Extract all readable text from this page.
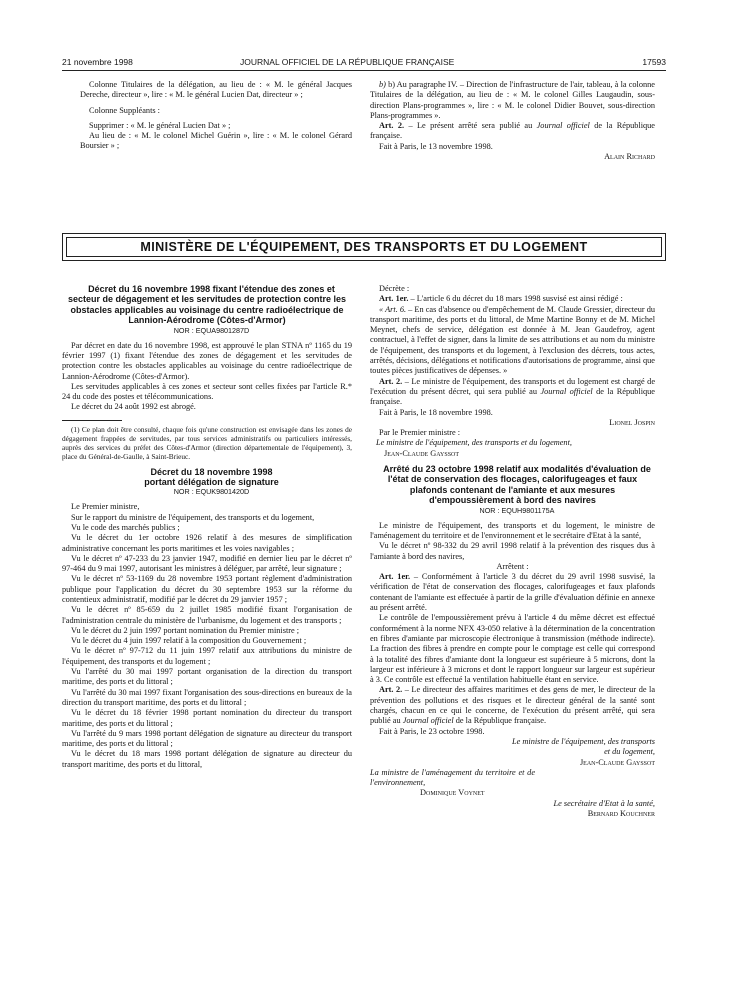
21 novembre 1998	JOURNAL OFFICIEL DE LA RÉPUBLIQUE FRANÇAISE	17593

Colonne Titulaires de la délégation, au lieu de : « M. le général Jacques Dereche, directeur », lire : « M. le général Lucien Dat, directeur » ;

Colonne Suppléants :

Supprimer : « M. le général Lucien Dat » ;

Au lieu de : « M. le colonel Michel Guérin », lire : « M. le colonel Gérard Boursier » ;

b) b) Au paragraphe IV. – Direction de l'infrastructure de l'air, tableau, à la colonne Titulaires de la délégation, au lieu de : « M. le colonel Gilles Laugaudin, sous-direction Plans-programmes », lire : « M. le colonel Didier Bouvet, sous-direction Plans-programmes ».

Art. 2. – Le présent arrêté sera publié au Journal officiel de la République française.

Fait à Paris, le 13 novembre 1998.

Alain Richard

MINISTÈRE DE L'ÉQUIPEMENT, DES TRANSPORTS ET DU LOGEMENT

Décret du 16 novembre 1998 fixant l'étendue des zones et secteur de dégagement et les servitudes de protection contre les obstacles applicables au voisinage du centre radioélectrique de Lannion-Aérodrome (Côtes-d'Armor)

NOR : EQUA9801287D

Par décret en date du 16 novembre 1998, est approuvé le plan STNA nº 1165 du 19 février 1997 (1) fixant l'étendue des zones de dégagement et les servitudes de protection contre les obstacles applicables au voisinage du centre radioélectrique de Lannion-Aérodrome (Côtes-d'Armor).

Les servitudes applicables à ces zones et secteur sont celles fixées par l'article R.* 24 du code des postes et télécommunications.

Le décret du 24 août 1992 est abrogé.

(1) Ce plan doit être consulté, chaque fois qu'une construction est envisagée dans les zones de dégagement frappées de servitudes, par tous services administratifs ou particuliers intéressés, auprès des services du préfet des Côtes-d'Armor (direction départementale de l'équipement), 3, place du Général-de-Gaulle, à Saint-Brieuc.

Décret du 18 novembre 1998

portant délégation de signature

NOR : EQUK9801420D

Le Premier ministre,

Sur le rapport du ministre de l'équipement, des transports et du logement,

Vu le code des marchés publics ;

Vu le décret du 1er octobre 1926 relatif à des mesures de simplification administrative concernant les ports maritimes et les voies navigables ;

Vu le décret nº 47-233 du 23 janvier 1947, modifié en dernier lieu par le décret nº 97-464 du 9 mai 1997, autorisant les ministres à déléguer, par arrêté, leur signature ;

Vu le décret nº 53-1169 du 28 novembre 1953 portant règlement d'administration publique pour l'application du décret du 30 septembre 1953 sur la réforme du contentieux administratif, modifié par le décret du 29 janvier 1957 ;

Vu le décret nº 85-659 du 2 juillet 1985 modifié fixant l'organisation de l'administration centrale du ministère de l'urbanisme, du logement et des transports ;

Vu le décret du 2 juin 1997 portant nomination du Premier ministre ;

Vu le décret du 4 juin 1997 relatif à la composition du Gouvernement ;

Vu le décret nº 97-712 du 11 juin 1997 relatif aux attributions du ministre de l'équipement, des transports et du logement ;

Vu l'arrêté du 30 mai 1997 portant organisation de la direction du transport maritime, des ports et du littoral ;

Vu l'arrêté du 30 mai 1997 fixant l'organisation des sous-directions en bureaux de la direction du transport maritime, des ports et du littoral ;

Vu le décret du 18 février 1998 portant nomination du directeur du transport maritime, des ports et du littoral ;

Vu l'arrêté du 9 mars 1998 portant délégation de signature au directeur du transport maritime, des ports et du littoral ;

Vu le décret du 18 mars 1998 portant délégation de signature au directeur du transport maritime, des ports et du littoral,

Décrète :

Art. 1er. – L'article 6 du décret du 18 mars 1998 susvisé est ainsi rédigé :

« Art. 6. – En cas d'absence ou d'empêchement de M. Claude Gressier, directeur du transport maritime, des ports et du littoral, de Mme Martine Bonny et de M. Michel Meynet, chefs de service, délégation est donnée à M. Jean Gaudefroy, agent contractuel, à l'effet de signer, dans la limite de ses attributions et au nom du ministre de l'équipement, des transports et du logement, à l'exclusion des décrets, tous actes, arrêtés, décisions, délégations et notifications d'autorisations de programme, ainsi que toutes pièces justificatives de dépenses. »

Art. 2. – Le ministre de l'équipement, des transports et du logement est chargé de l'exécution du présent décret, qui sera publié au Journal officiel de la République française.

Fait à Paris, le 18 novembre 1998.

Lionel Jospin

Par le Premier ministre :

Le ministre de l'équipement, des transports et du logement,

Jean-Claude Gayssot

Arrêté du 23 octobre 1998 relatif aux modalités d'évaluation de l'état de conservation des flocages, calorifugeages et faux plafonds contenant de l'amiante et aux mesures d'empoussièrement à bord des navires

NOR : EQUH9801175A

Le ministre de l'équipement, des transports et du logement, le ministre de l'aménagement du territoire et de l'environnement et le secrétaire d'Etat à la santé,

Vu le décret nº 98-332 du 29 avril 1998 relatif à la prévention des risques dus à l'amiante à bord des navires,

Arrêtent :

Art. 1er. – Conformément à l'article 3 du décret du 29 avril 1998 susvisé, la vérification de l'état de conservation des flocages, calorifugeages et faux plafonds contenant de l'amiante est effectuée à partir de la grille d'évaluation définie en annexe au présent arrêté.

Le contrôle de l'empoussièrement prévu à l'article 4 du même décret est effectué conformément à la norme NFX 43-050 relative à la détermination de la concentration en fibres d'amiante par microscopie électronique à transmission (méthode indirecte). La fraction des fibres à prendre en compte pour le comptage est celle qui correspond à la totalité des fibres d'amiante dont la longueur est supérieure à 5 microns, dont la largeur est inférieure à 3 microns et dont le rapport longueur sur largeur est supérieur à 3. Ce contrôle est effectué la ventilation habituelle étant en service.

Art. 2. – Le directeur des affaires maritimes et des gens de mer, le directeur de la prévention des pollutions et des risques et le directeur général de la santé sont chargés, chacun en ce qui le concerne, de l'exécution du présent arrêté, qui sera publié au Journal officiel de la République française.

Fait à Paris, le 23 octobre 1998.

Le ministre de l'équipement, des transports et du logement,

Jean-Claude Gayssot

La ministre de l'aménagement du territoire et de l'environnement,

Dominique Voynet

Le secrétaire d'Etat à la santé,

Bernard Kouchner
